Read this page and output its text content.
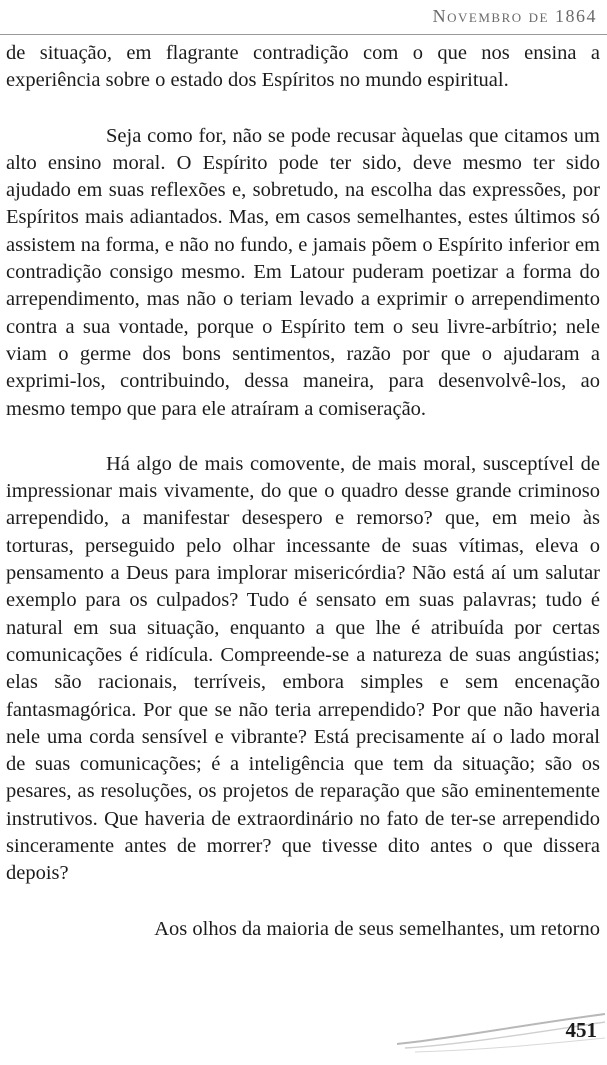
Novembro de 1864

de situação, em flagrante contradição com o que nos ensina a experiência sobre o estado dos Espíritos no mundo espiritual.

Seja como for, não se pode recusar àquelas que citamos um alto ensino moral. O Espírito pode ter sido, deve mesmo ter sido ajudado em suas reflexões e, sobretudo, na escolha das expressões, por Espíritos mais adiantados. Mas, em casos semelhantes, estes últimos só assistem na forma, e não no fundo, e jamais põem o Espírito inferior em contradição consigo mesmo. Em Latour puderam poetizar a forma do arrependimento, mas não o teriam levado a exprimir o arrependimento contra a sua vontade, porque o Espírito tem o seu livre-arbítrio; nele viam o germe dos bons sentimentos, razão por que o ajudaram a exprimi-los, contribuindo, dessa maneira, para desenvolvê-los, ao mesmo tempo que para ele atraíram a comiseração.

Há algo de mais comovente, de mais moral, susceptível de impressionar mais vivamente, do que o quadro desse grande criminoso arrependido, a manifestar desespero e remorso? que, em meio às torturas, perseguido pelo olhar incessante de suas vítimas, eleva o pensamento a Deus para implorar misericórdia? Não está aí um salutar exemplo para os culpados? Tudo é sensato em suas palavras; tudo é natural em sua situação, enquanto a que lhe é atribuída por certas comunicações é ridícula. Compreende-se a natureza de suas angústias; elas são racionais, terríveis, embora simples e sem encenação fantasmagórica. Por que se não teria arrependido? Por que não haveria nele uma corda sensível e vibrante? Está precisamente aí o lado moral de suas comunicações; é a inteligência que tem da situação; são os pesares, as resoluções, os projetos de reparação que são eminentemente instrutivos. Que haveria de extraordinário no fato de ter-se arrependido sinceramente antes de morrer? que tivesse dito antes o que dissera depois?

Aos olhos da maioria de seus semelhantes, um retorno

451
